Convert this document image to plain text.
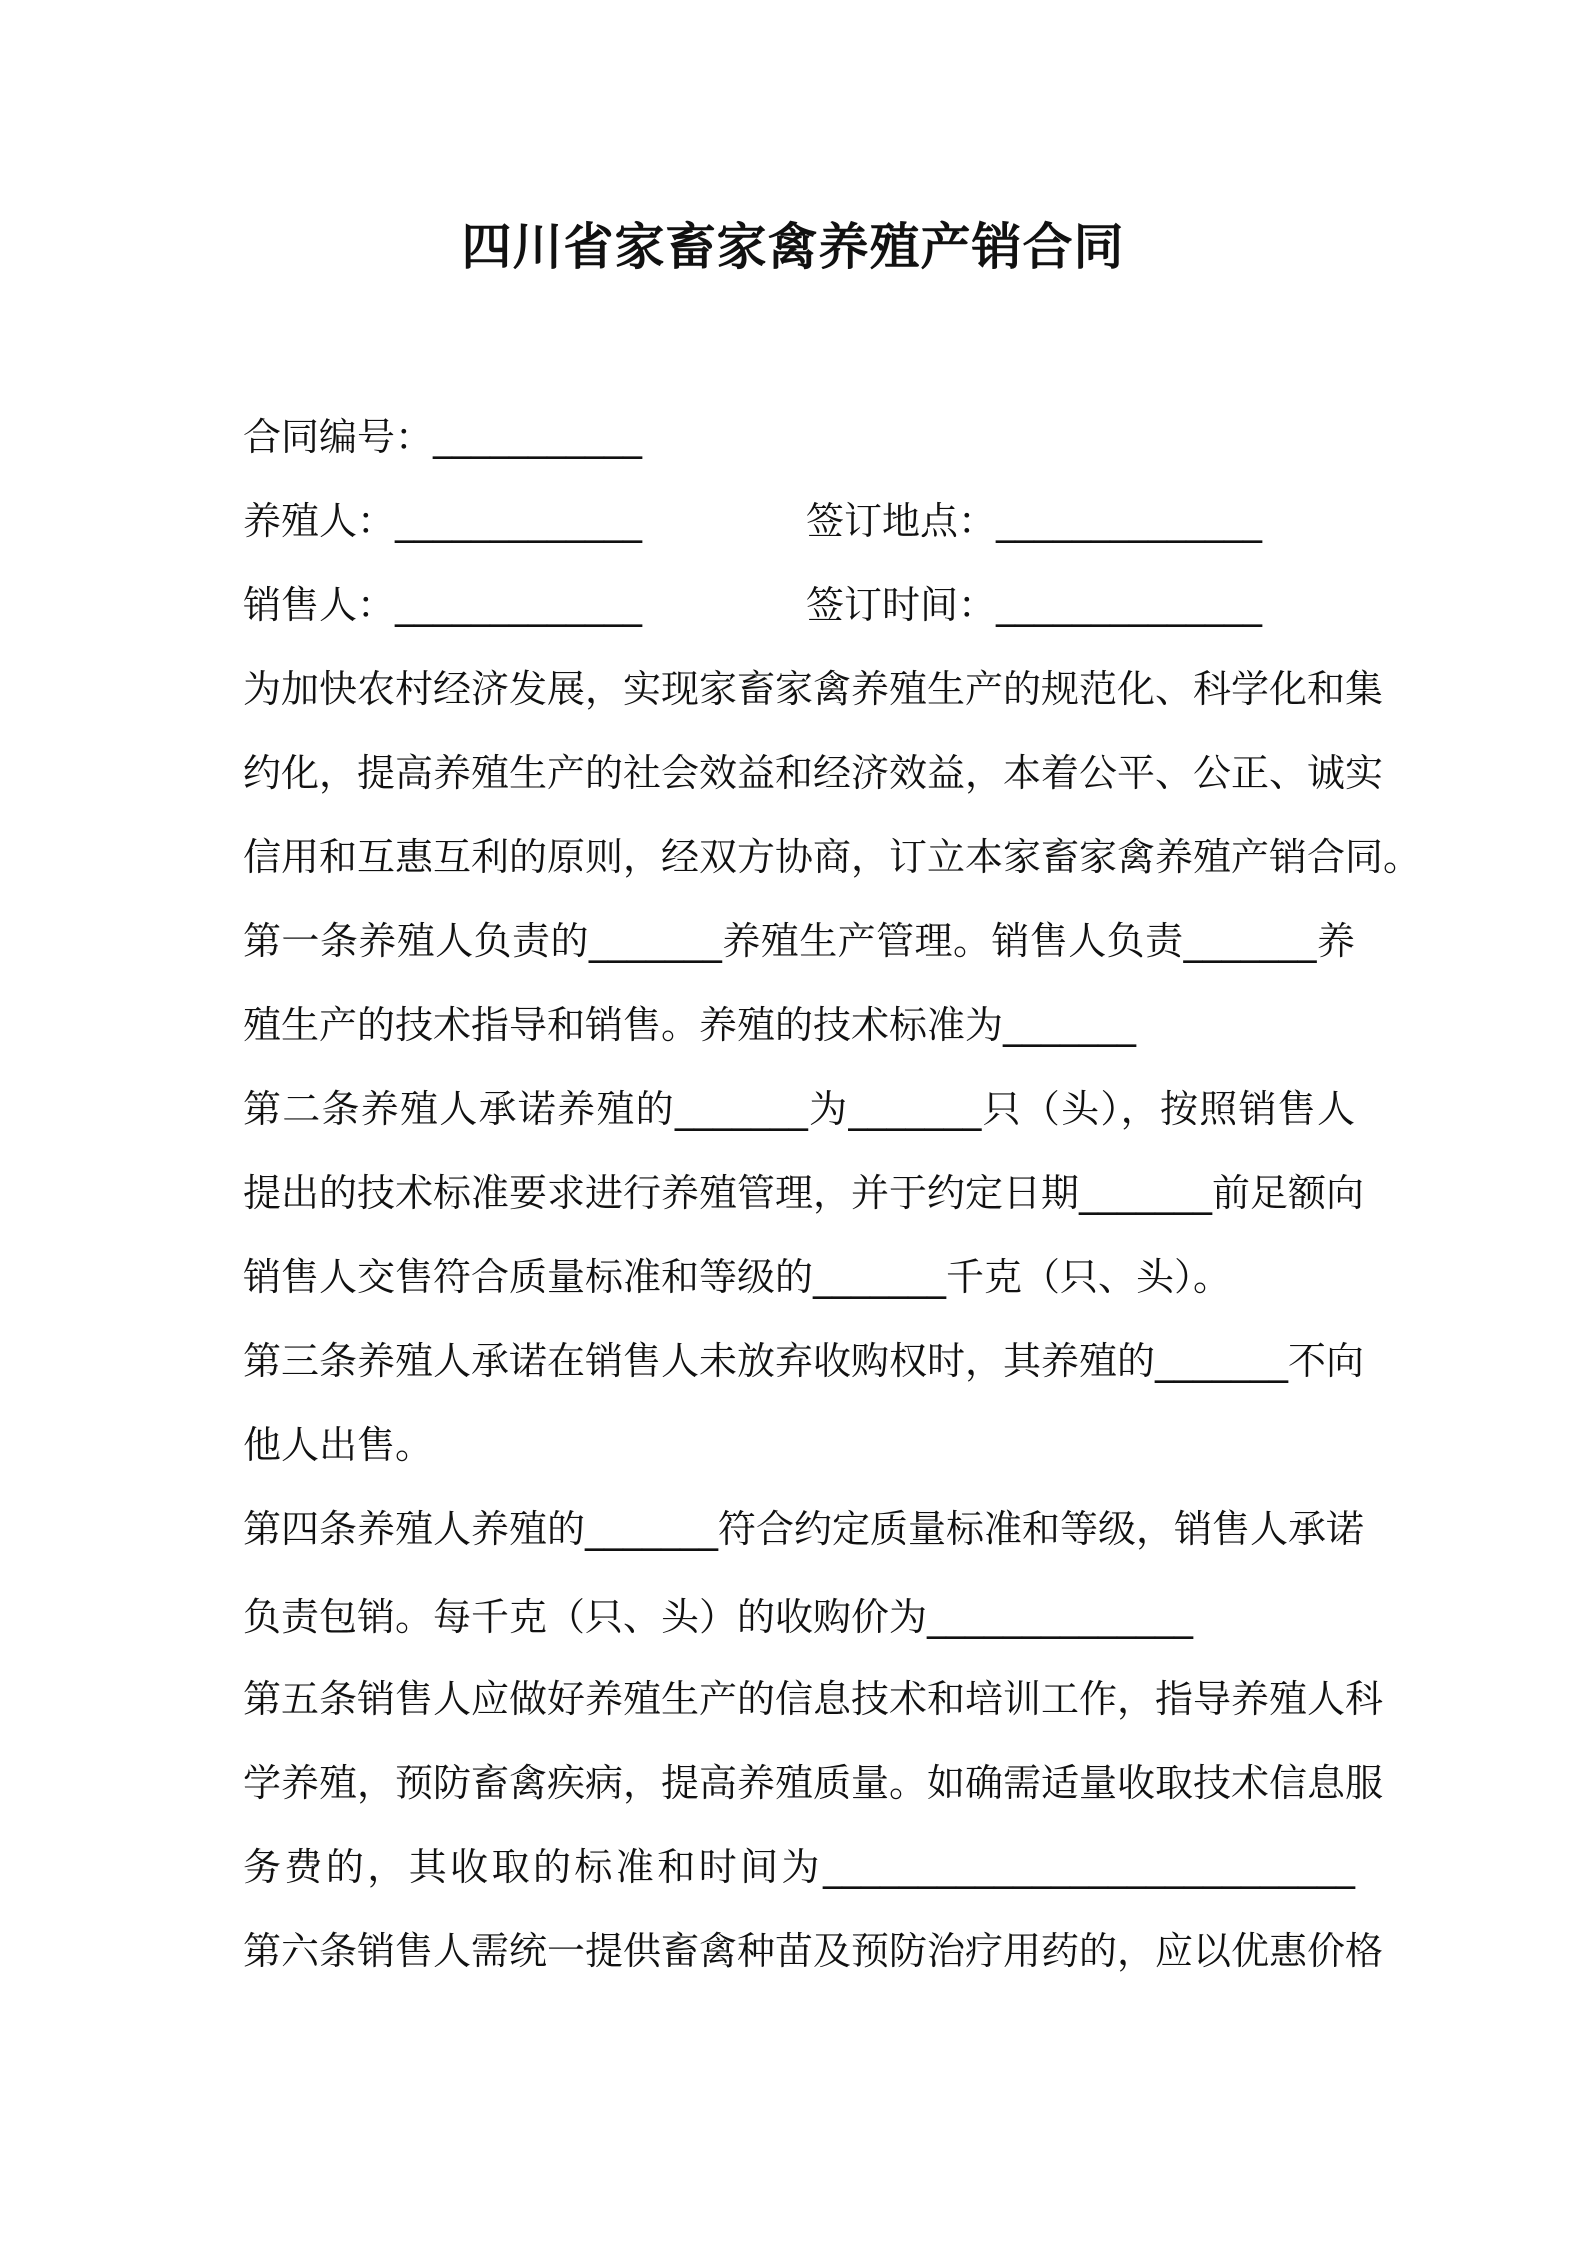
四川省家畜家禽养殖产销合同
合同编号：___________
养殖人：_____________	签订地点：______________
销售人：_____________	签订时间：______________
为加快农村经济发展，实现家畜家禽养殖生产的规范化、科学化和集
约化，提高养殖生产的社会效益和经济效益，本着公平、公正、诚实
信用和互惠互利的原则，经双方协商，订立本家畜家禽养殖产销合同。
第一条养殖人负责的_______养殖生产管理。销售人负责_______养
殖生产的技术指导和销售。养殖的技术标准为_______
第二条养殖人承诺养殖的_______为_______只（头），按照销售人
提出的技术标准要求进行养殖管理，并于约定日期_______前足额向
销售人交售符合质量标准和等级的_______千克（只、头）。
第三条养殖人承诺在销售人未放弃收购权时，其养殖的_______不向
他人出售。
第四条养殖人养殖的_______符合约定质量标准和等级，销售人承诺
负责包销。每千克（只、头）的收购价为______________
第五条销售人应做好养殖生产的信息技术和培训工作，指导养殖人科
学养殖，预防畜禽疾病，提高养殖质量。如确需适量收取技术信息服
务费的，其收取的标准和时间为____________________________
第六条销售人需统一提供畜禽种苗及预防治疗用药的，应以优惠价格
